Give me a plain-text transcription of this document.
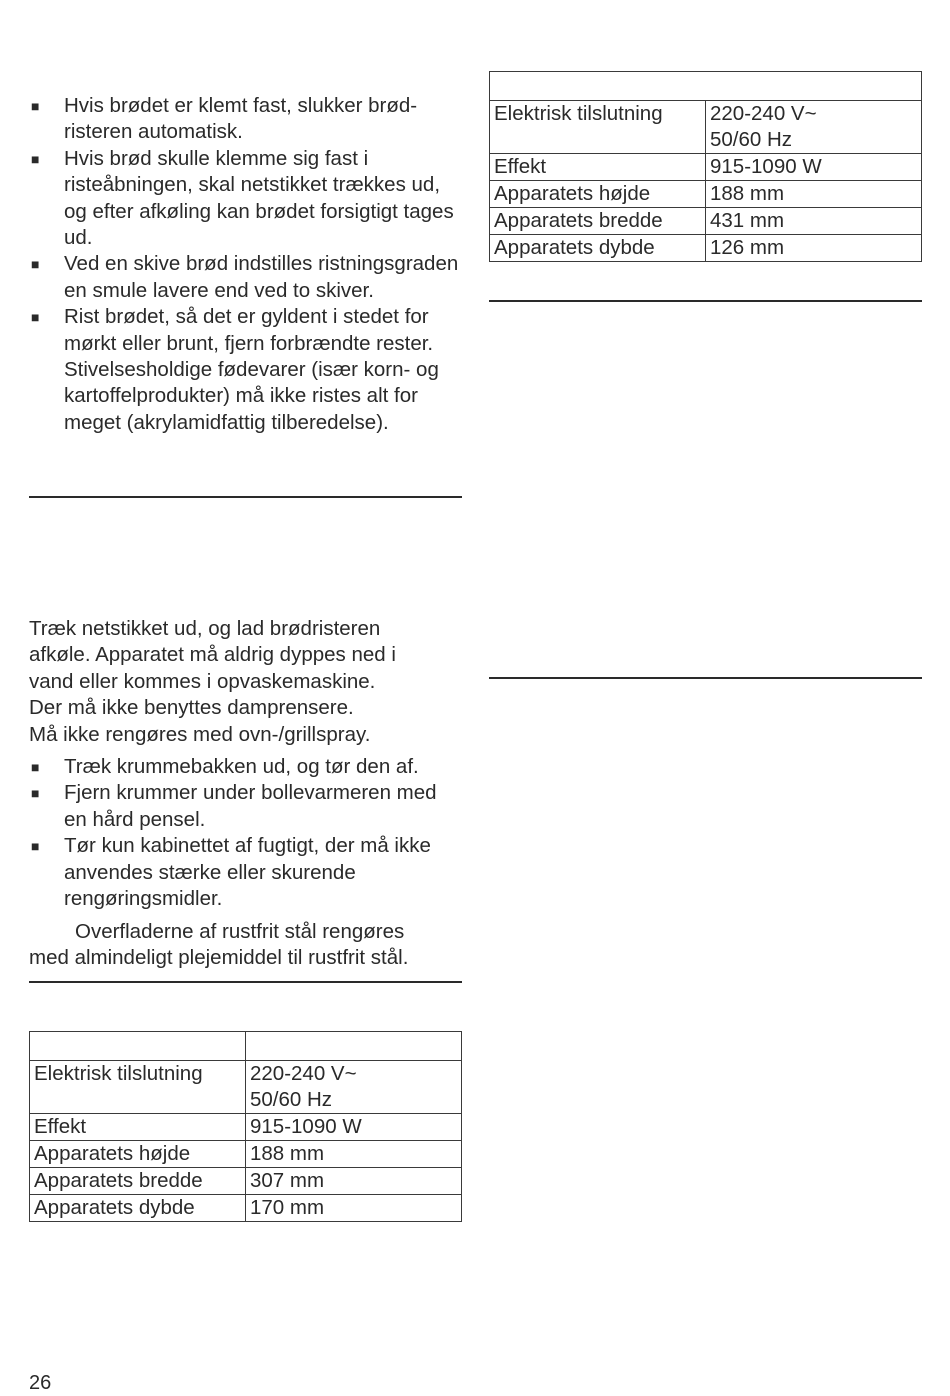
■ Hvis brødet er klemt fast, slukker brød-risteren automatisk.
■ Hvis brød skulle klemme sig fast i risteåbningen, skal netstikket trækkes ud, og efter afkøling kan brødet forsigtigt tages ud.
■ Ved en skive brød indstilles ristningsgraden en smule lavere end ved to skiver.
■ Rist brødet, så det er gyldent i stedet for mørkt eller brunt, fjern forbrændte rester. Stivelsesholdige fødevarer (især korn- og kartoffelprodukter) må ikke ristes alt for meget (akrylamidfattig tilberedelse).

Træk netstikket ud, og lad brødristeren

afkøle. Apparatet må aldrig dyppes ned i

vand eller kommes i opvaskemaskine.

Der må ikke benyttes damprensere.

Må ikke rengøres med ovn-/grillspray.

■ Træk krummebakken ud, og tør den af.
■ Fjern krummer under bollevarmeren med en hård pensel.
■ Tør kun kabinettet af fugtigt, der må ikke anvendes stærke eller skurende rengøringsmidler.

Overfladerne af rustfrit stål rengøres

med almindeligt plejemiddel til rustfrit stål.

Elektrisk tilslutning	220-240 V~
50/60 Hz

Effekt	915-1090 W
Apparatets højde	188 mm
Apparatets bredde	307 mm
Apparatets dybde	170 mm
26

Elektrisk tilslutning	220-240 V~
50/60 Hz

Effekt	915-1090 W
Apparatets højde	188 mm
Apparatets bredde	431 mm
Apparatets dybde	126 mm
